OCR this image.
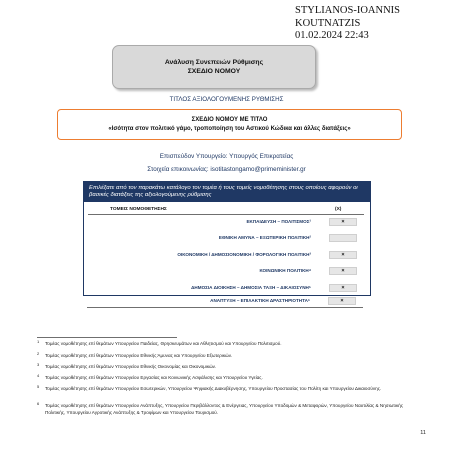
STYLIANOS-IOANNIS
KOUTNATZIS
01.02.2024 22:43
Ανάλυση Συνεπειών Ρύθμισης
ΣΧΕΔΙΟ ΝΟΜΟΥ
ΤΙΤΛΟΣ ΑΞΙΟΛΟΓΟΥΜΕΝΗΣ ΡΥΘΜΙΣΗΣ
ΣΧΕΔΙΟ ΝΟΜΟΥ ΜΕ ΤΙΤΛΟ
«Ισότητα στον πολιτικό γάμο, τροποποίηση του Αστικού Κώδικα και άλλες διατάξεις»
Επισπεύδον Υπουργείο: Υπουργός Επικρατείας
Στοιχεία επικοινωνίας: isotitastongamo@primeminister.gr
Επιλέξατε από τον παρακάτω κατάλογο τον τομέα ή τους τομείς νομοθέτησης στους οποίους αφορούν οι βασικές διατάξεις της αξιολογούμενης ρύθμισης
ΤΟΜΕΙΣ ΝΟΜΟΘΕΤΗΣΗΣ	(Χ)
ΕΚΠΑΙΔΕΥΣΗ – ΠΟΛΙΤΙΣΜΟΣ¹	×
ΕΘΝΙΚΗ ΑΜΥΝΑ – ΕΞΩΤΕΡΙΚΗ ΠΟΛΙΤΙΚΗ²
ΟΙΚΟΝΟΜΙΚΗ / ΔΗΜΟΣΙΟΝΟΜΙΚΗ / ΦΟΡΟΛΟΓΙΚΗ ΠΟΛΙΤΙΚΗ³	×
ΚΟΙΝΩΝΙΚΗ ΠΟΛΙΤΙΚΗ⁴	×
ΔΗΜΟΣΙΑ ΔΙΟΙΚΗΣΗ – ΔΗΜΟΣΙΑ ΤΑΞΗ – ΔΙΚΑΙΟΣΥΝΗ⁵	×
ΑΝΑΠΤΥΞΗ – ΕΠΙΛΑΚΤΙΚΗ ΔΡΑΣΤΗΡΙΟΤΗΤΑ⁶	×
1	Τομέας νομοθέτησης επί θεμάτων Υπουργείου Παιδείας, Θρησκευμάτων και Αθλητισμού και Υπουργείου Πολιτισμού.
2	Τομέας νομοθέτησης επί θεμάτων Υπουργείου Εθνικής Άμυνας και Υπουργείου Εξωτερικών.
3	Τομέας νομοθέτησης επί θεμάτων Υπουργείου Εθνικής Οικονομίας και Οικονομικών.
4	Τομέας νομοθέτησης επί θεμάτων Υπουργείου Εργασίας και Κοινωνικής Ασφάλισης και Υπουργείου Υγείας.
5	Τομέας νομοθέτησης επί θεμάτων Υπουργείου Εσωτερικών, Υπουργείου Ψηφιακής Διακυβέρνησης, Υπουργείου Προστασίας του Πολίτη και Υπουργείου Δικαιοσύνης.
6	Τομέας νομοθέτησης επί θεμάτων Υπουργείου Ανάπτυξης, Υπουργείου Περιβάλλοντος & Ενέργειας, Υπουργείου Υποδομών & Μεταφορών, Υπουργείου Ναυτιλίας & Νησιωτικής Πολιτικής, Υπουργείου Αγροτικής Ανάπτυξης & Τροφίμων και Υπουργείου Τουρισμού.
11
